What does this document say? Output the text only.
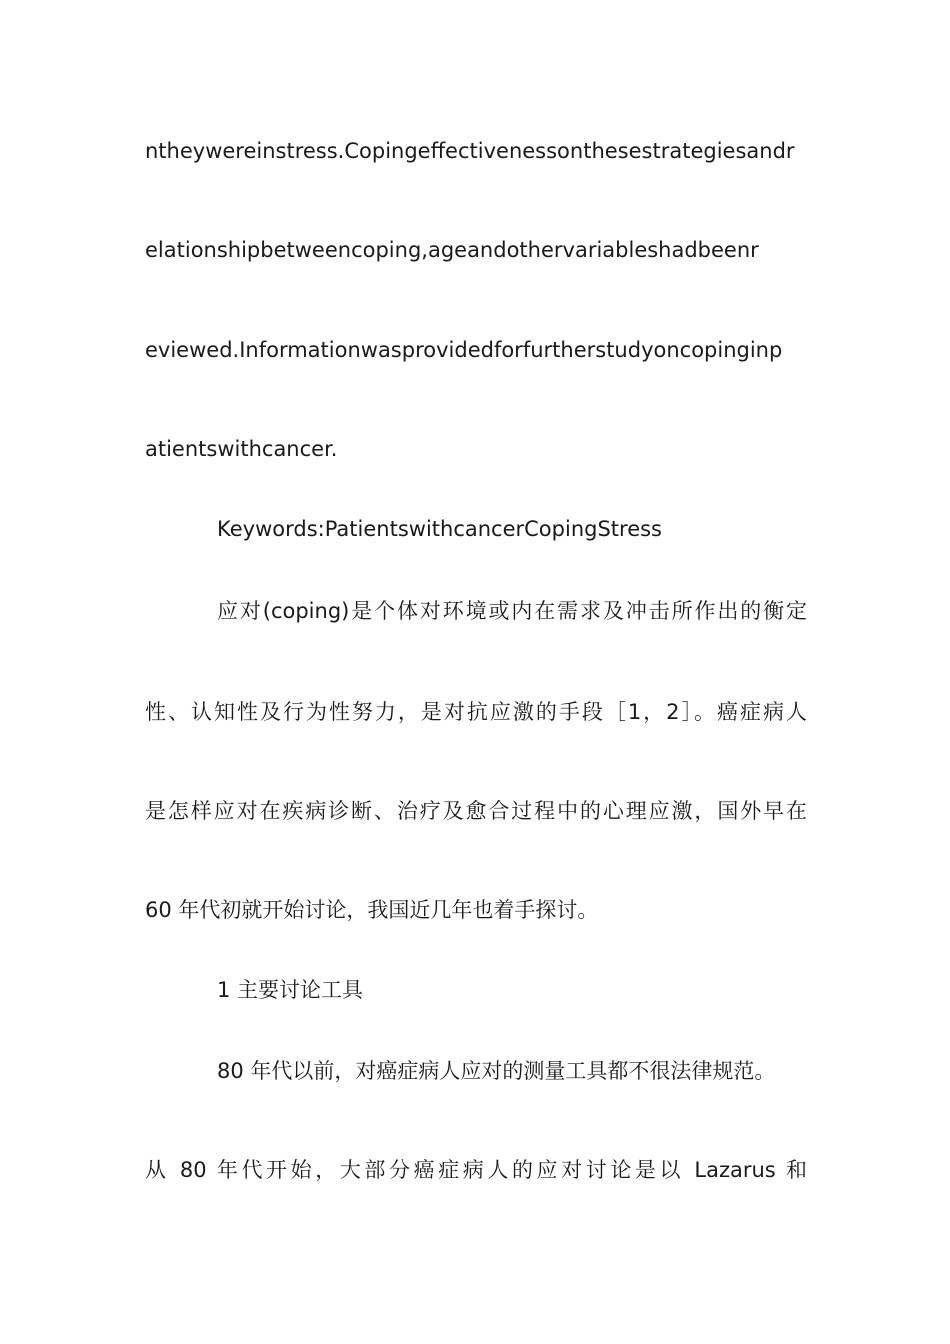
ntheywereinstress.Copingeffectivenessonthesestrategiesandr
elationshipbetweencoping,ageandothervariableshadbeenr
eviewed.Informationwasprovidedforfurtherstudyoncopinginp
atientswithcancer.
Keywords:PatientswithcancerCopingStress
应对(coping)是个体对环境或内在需求及冲击所作出的衡定
性、认知性及行为性努力，是对抗应激的手段［1，2］。癌症病人
是怎样应对在疾病诊断、治疗及愈合过程中的心理应激，国外早在
60 年代初就开始讨论，我国近几年也着手探讨。
1 主要讨论工具
80 年代以前，对癌症病人应对的测量工具都不很法律规范。
从 80 年代开始，大部分癌症病人的应对讨论是以 Lazarus 和
